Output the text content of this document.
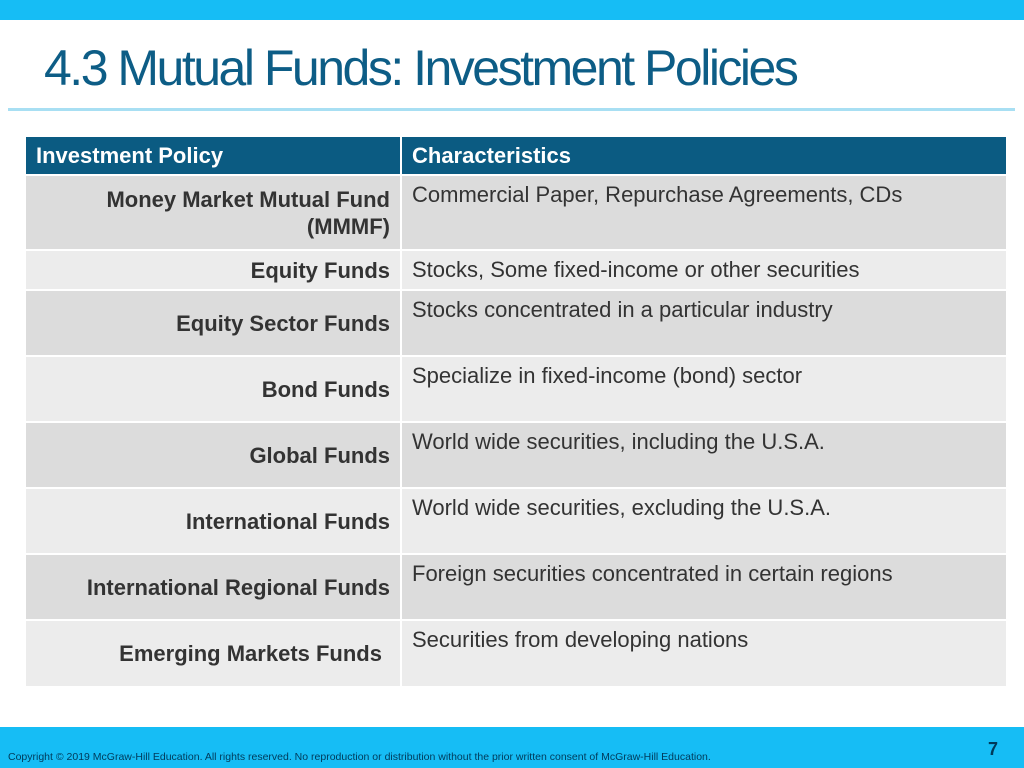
4.3 Mutual Funds: Investment Policies
Investment Policy	Characteristics
Money Market Mutual Fund (MMMF)	Commercial Paper, Repurchase Agreements, CDs
Equity Funds	Stocks, Some fixed-income or other securities
Equity Sector Funds	Stocks concentrated in a particular industry
Bond Funds	Specialize in fixed-income (bond) sector
Global Funds	World wide securities, including the U.S.A.
International Funds	World wide securities, excluding the U.S.A.
International Regional Funds	Foreign securities concentrated in certain regions
Emerging Markets Funds	Securities from developing nations
Copyright © 2019 McGraw-Hill Education. All rights reserved. No reproduction or distribution without the prior written consent of McGraw-Hill Education.	7
